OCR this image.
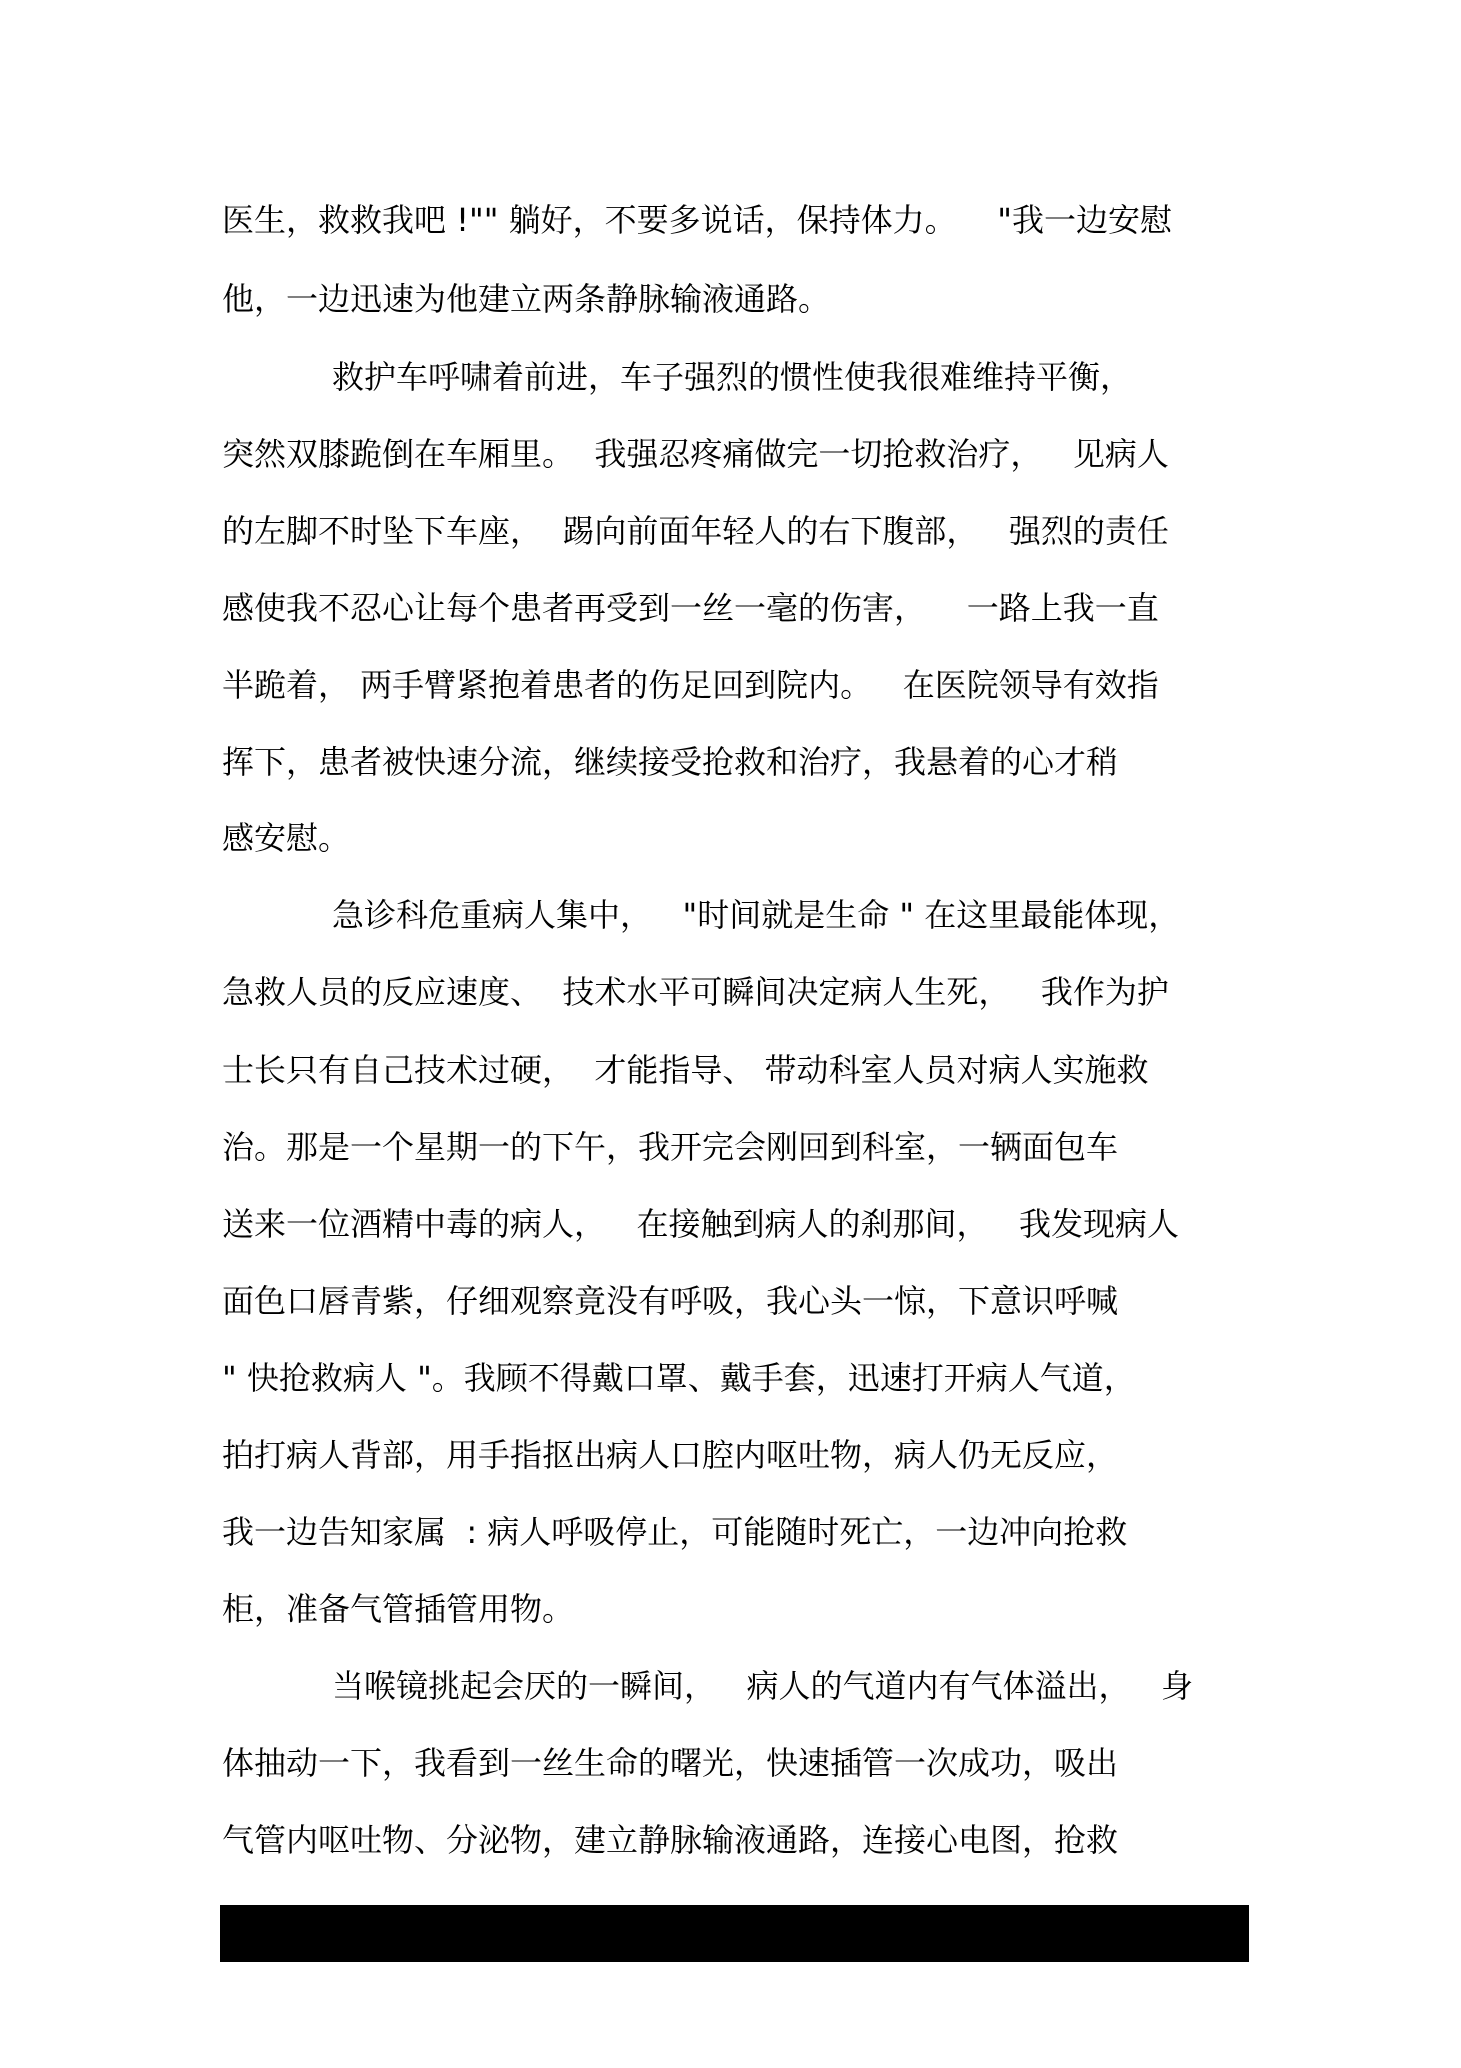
医生，救救我吧 !"" 躺好，不要多说话，保持体力。    "我一边安慰
他，一边迅速为他建立两条静脉输液通路。
救护车呼啸着前进，车子强烈的惯性使我很难维持平衡，
突然双膝跪倒在车厢里。  我强忍疼痛做完一切抢救治疗，   见病人
的左脚不时坠下车座，  踢向前面年轻人的右下腹部，   强烈的责任
感使我不忍心让每个患者再受到一丝一毫的伤害，    一路上我一直
半跪着， 两手臂紧抱着患者的伤足回到院内。   在医院领导有效指
挥下，患者被快速分流，继续接受抢救和治疗，我悬着的心才稍
感安慰。
急诊科危重病人集中，   "时间就是生命 " 在这里最能体现，
急救人员的反应速度、  技术水平可瞬间决定病人生死，   我作为护
士长只有自己技术过硬，  才能指导、 带动科室人员对病人实施救
治。那是一个星期一的下午，我开完会刚回到科室，一辆面包车
送来一位酒精中毒的病人，   在接触到病人的刹那间，   我发现病人
面色口唇青紫，仔细观察竟没有呼吸，我心头一惊，下意识呼喊
" 快抢救病人 "。我顾不得戴口罩、戴手套，迅速打开病人气道，
拍打病人背部，用手指抠出病人口腔内呕吐物，病人仍无反应，
我一边告知家属  : 病人呼吸停止，可能随时死亡，一边冲向抢救
柜，准备气管插管用物。
当喉镜挑起会厌的一瞬间，   病人的气道内有气体溢出，   身
体抽动一下，我看到一丝生命的曙光，快速插管一次成功，吸出
气管内呕吐物、分泌物，建立静脉输液通路，连接心电图，抢救
